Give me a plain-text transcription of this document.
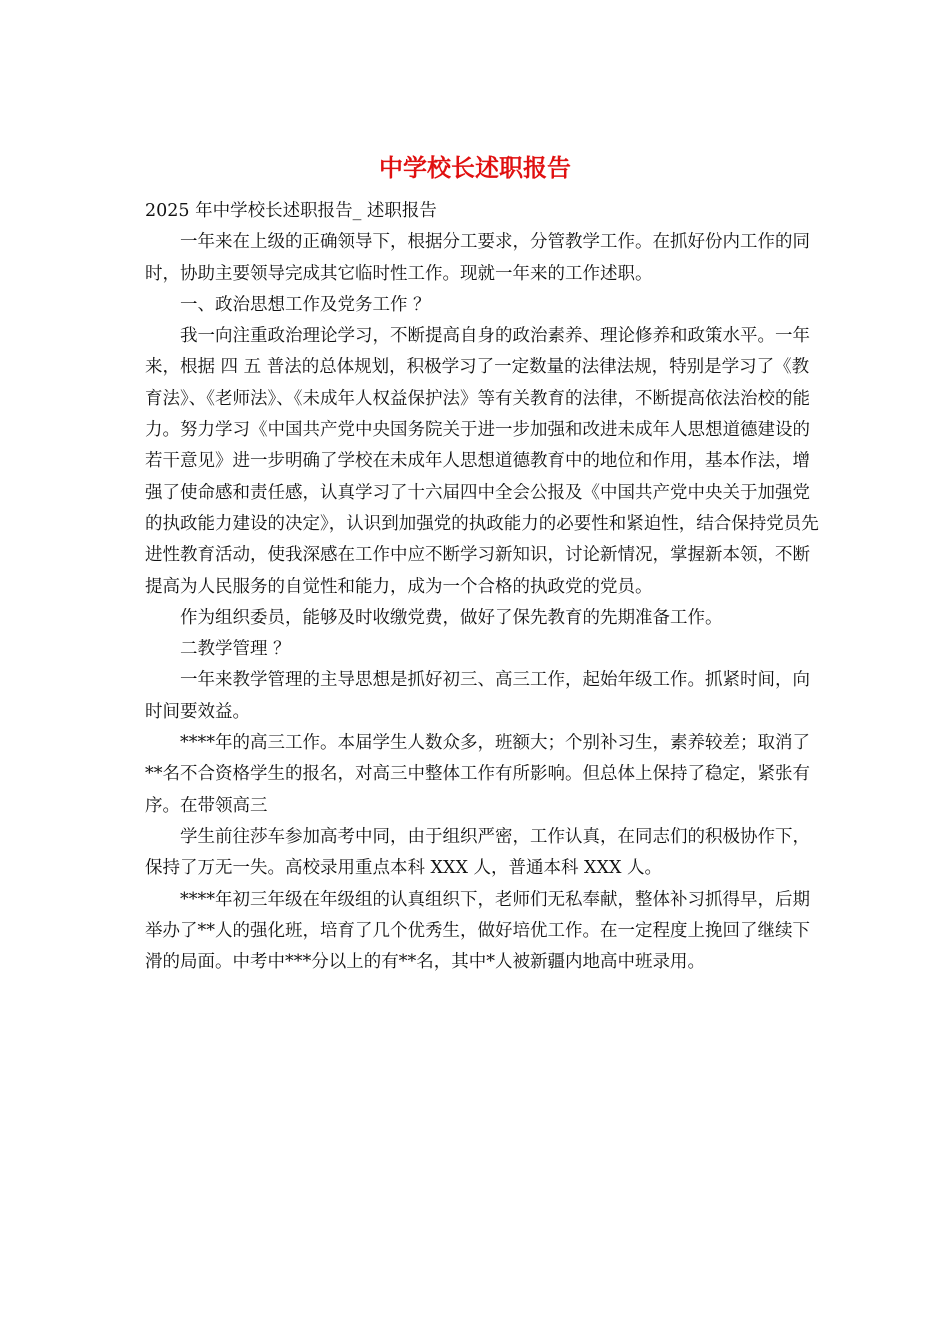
中学校长述职报告

2025 年中学校长述职报告_ 述职报告

一年来在上级的正确领导下，根据分工要求，分管教学工作。在抓好份内工作的同时，协助主要领导完成其它临时性工作。现就一年来的工作述职。

一、政治思想工作及党务工作 ？

我一向注重政治理论学习，不断提高自身的政治素养、理论修养和政策水平。一年来，根据 四 五 普法的总体规划，积极学习了一定数量的法律法规，特别是学习了《教育法》、《老师法》、《未成年人权益保护法》等有关教育的法律，不断提高依法治校的能力。努力学习《中国共产党中央国务院关于进一步加强和改进未成年人思想道德建设的若干意见》进一步明确了学校在未成年人思想道德教育中的地位和作用，基本作法，增强了使命感和责任感，认真学习了十六届四中全会公报及《中国共产党中央关于加强党的执政能力建设的决定》，认识到加强党的执政能力的必要性和紧迫性，结合保持党员先进性教育活动，使我深感在工作中应不断学习新知识，讨论新情况，掌握新本领，不断提高为人民服务的自觉性和能力，成为一个合格的执政党的党员。

作为组织委员，能够及时收缴党费，做好了保先教育的先期准备工作。

二教学管理 ？

一年来教学管理的主导思想是抓好初三、高三工作，起始年级工作。抓紧时间，向时间要效益。

****年的高三工作。本届学生人数众多，班额大；个别补习生，素养较差；取消了**名不合资格学生的报名，对高三中整体工作有所影响。但总体上保持了稳定，紧张有序。在带领高三

学生前往莎车参加高考中同，由于组织严密，工作认真，在同志们的积极协作下，保持了万无一失。高校录用重点本科 XXX 人，普通本科 XXX 人。

****年初三年级在年级组的认真组织下，老师们无私奉献，整体补习抓得早，后期举办了**人的强化班，培育了几个优秀生，做好培优工作。在一定程度上挽回了继续下滑的局面。中考中***分以上的有**名，其中*人被新疆内地高中班录用。
